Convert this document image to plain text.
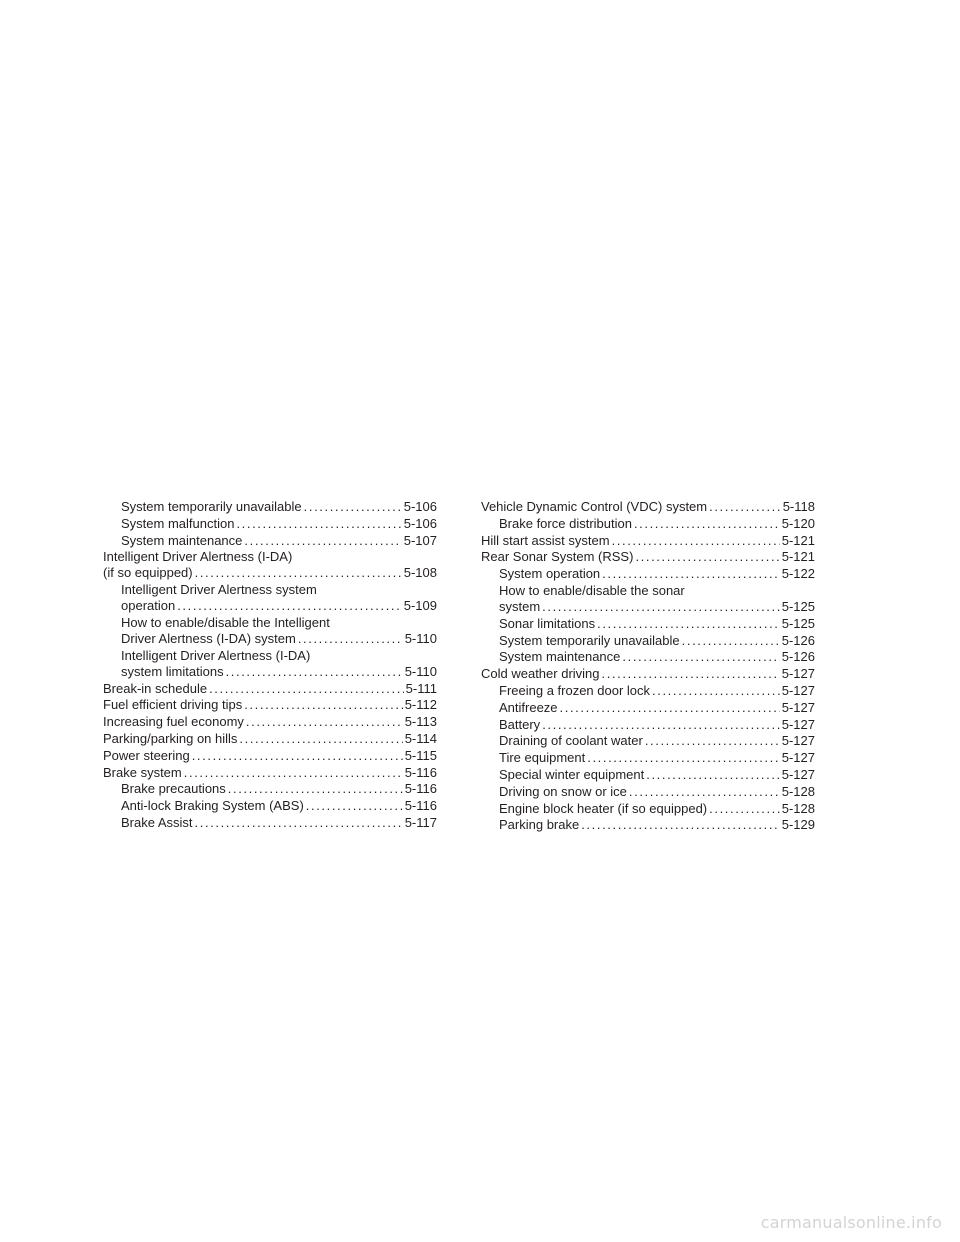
System temporarily unavailable .....	5-106
System malfunction .....	5-106
System maintenance .....	5-107
Intelligent Driver Alertness (I-DA)
(if so equipped) .....	5-108
Intelligent Driver Alertness system
operation .....	5-109
How to enable/disable the Intelligent
Driver Alertness (I-DA) system .....	5-110
Intelligent Driver Alertness (I-DA)
system limitations .....	5-110
Break-in schedule .....	5-111
Fuel efficient driving tips .....	5-112
Increasing fuel economy .....	5-113
Parking/parking on hills .....	5-114
Power steering .....	5-115
Brake system .....	5-116
Brake precautions .....	5-116
Anti-lock Braking System (ABS) .....	5-116
Brake Assist .....	5-117
Vehicle Dynamic Control (VDC) system .....	5-118
Brake force distribution .....	5-120
Hill start assist system .....	5-121
Rear Sonar System (RSS) .....	5-121
System operation .....	5-122
How to enable/disable the sonar
system .....	5-125
Sonar limitations .....	5-125
System temporarily unavailable .....	5-126
System maintenance .....	5-126
Cold weather driving .....	5-127
Freeing a frozen door lock .....	5-127
Antifreeze .....	5-127
Battery .....	5-127
Draining of coolant water .....	5-127
Tire equipment .....	5-127
Special winter equipment .....	5-127
Driving on snow or ice .....	5-128
Engine block heater (if so equipped) .....	5-128
Parking brake .....	5-129
carmanualsonline.info
